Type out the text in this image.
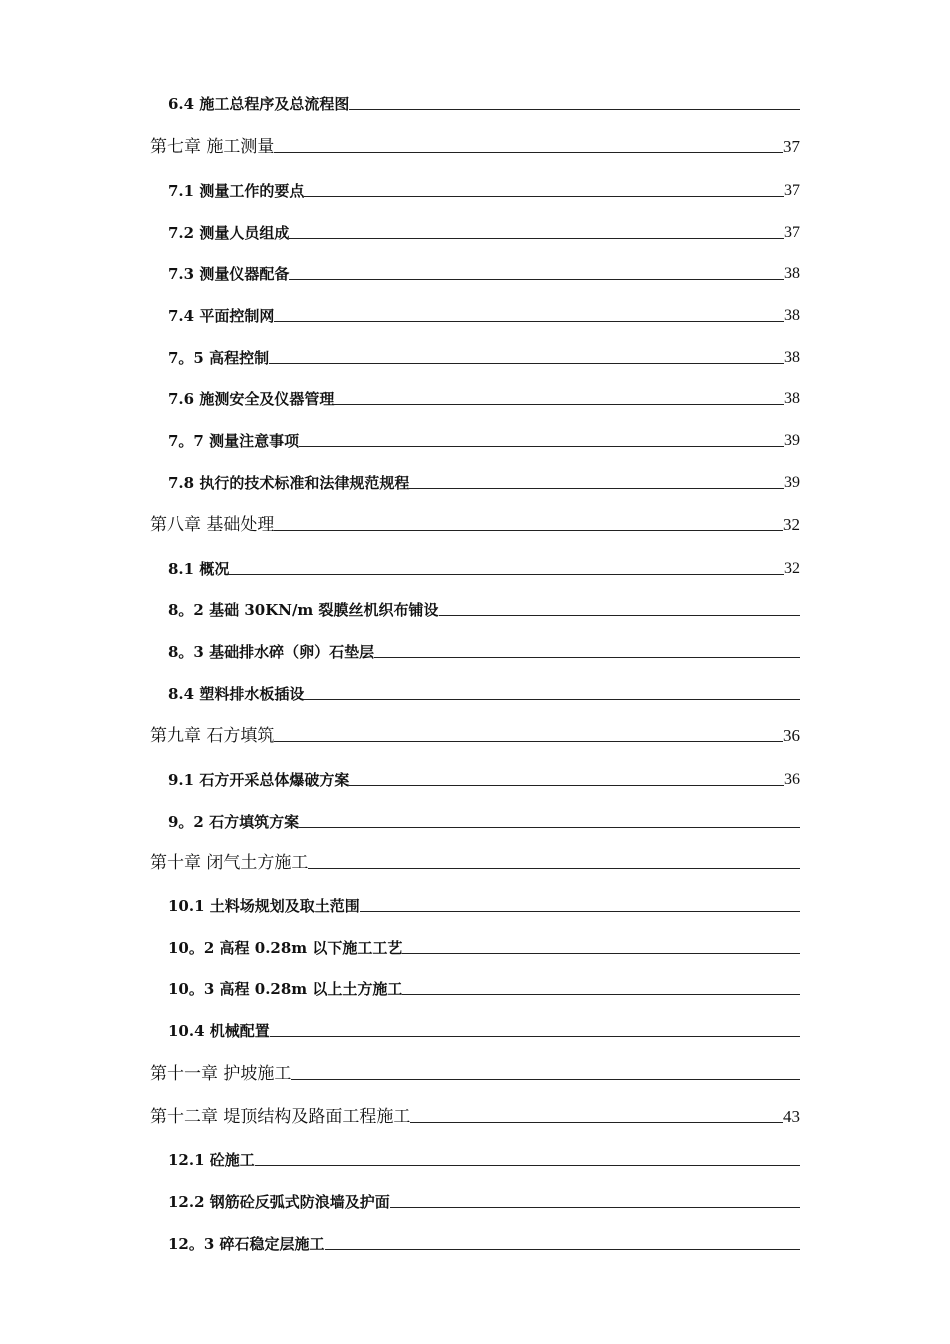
6.4 施工总程序及总流程图
第七章 施工测量	37
7.1 测量工作的要点	37
7.2 测量人员组成	37
7.3 测量仪器配备	38
7.4 平面控制网	38
7。5 高程控制	38
7.6 施测安全及仪器管理	38
7。7 测量注意事项	39
7.8 执行的技术标准和法律规范规程	39
第八章 基础处理	32
8.1 概况	32
8。2 基础 30KN/m 裂膜丝机织布铺设
8。3 基础排水碎（卵）石垫层
8.4 塑料排水板插设
第九章 石方填筑	36
9.1 石方开采总体爆破方案	36
9。2 石方填筑方案
第十章 闭气土方施工
10.1 土料场规划及取土范围
10。2 高程 0.28m 以下施工工艺
10。3 高程 0.28m 以上土方施工
10.4 机械配置
第十一章 护坡施工
第十二章 堤顶结构及路面工程施工	43
12.1 砼施工
12.2 钢筋砼反弧式防浪墙及护面
12。3 碎石稳定层施工
